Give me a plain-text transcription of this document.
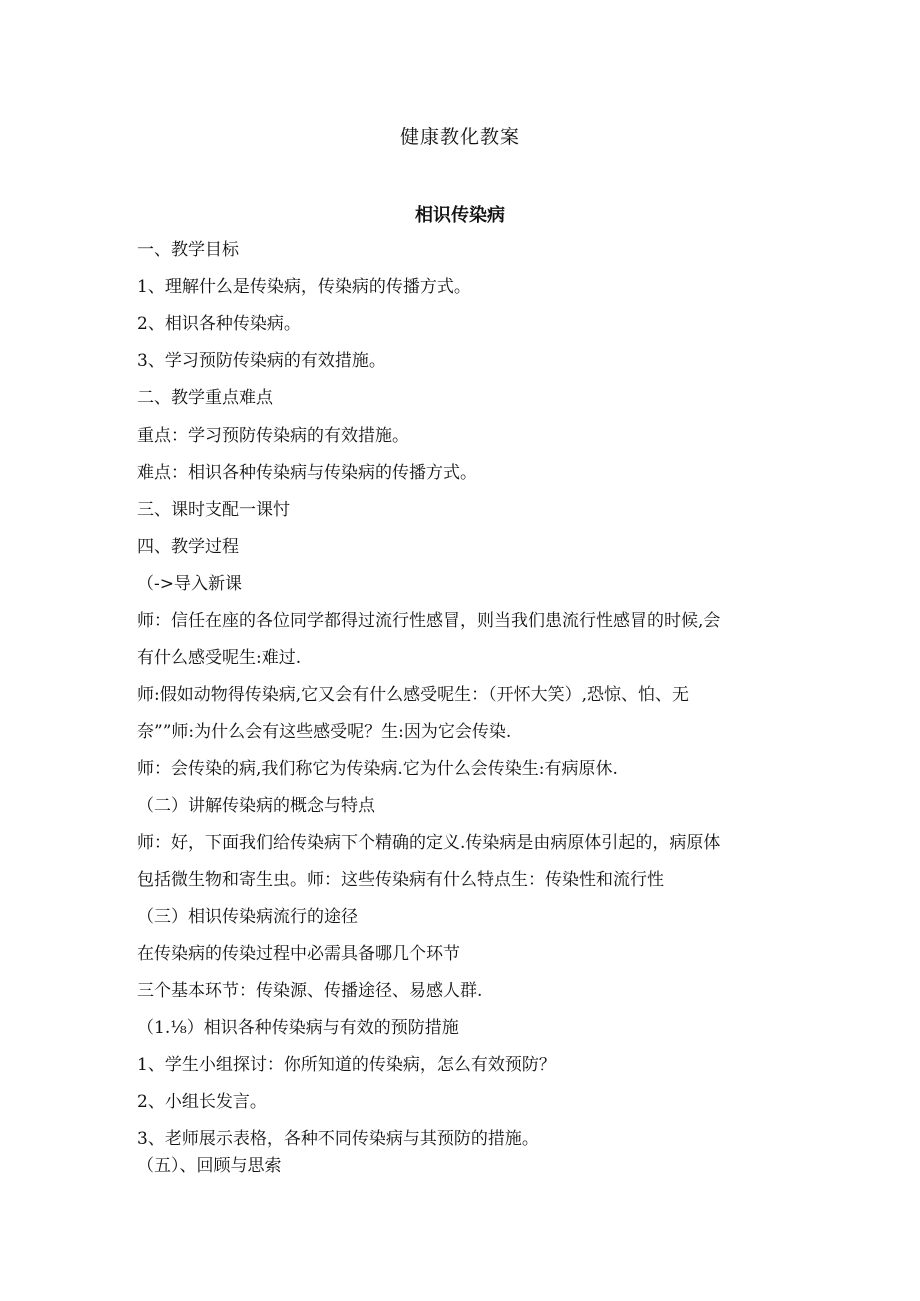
健康教化教案
相识传染病
一、教学目标
1、理解什么是传染病，传染病的传播方式。
2、相识各种传染病。
3、学习预防传染病的有效措施。
二、教学重点难点
重点：学习预防传染病的有效措施。
难点：相识各种传染病与传染病的传播方式。
三、课时支配一课忖
四、教学过程
（->导入新课
师：信任在座的各位同学都得过流行性感冒，则当我们患流行性感冒的时候,会
有什么感受呢生:难过.
师:假如动物得传染病,它又会有什么感受呢生：（开怀大笑）,恐惊、怕、无
奈””师:为什么会有这些感受呢？生:因为它会传染.
师：会传染的病,我们称它为传染病.它为什么会传染生:有病原休.
（二）讲解传染病的概念与特点
师：好，下面我们给传染病下个精确的定义.传染病是由病原体引起的，病原体
包括微生物和寄生虫。师：这些传染病有什么特点生：传染性和流行性
（三）相识传染病流行的途径
在传染病的传染过程中必需具备哪几个环节
三个基本环节：传染源、传播途径、易感人群.
（1.⅛）相识各种传染病与有效的预防措施
1、学生小组探讨：你所知道的传染病，怎么有效预防？
2、小组长发言。
3、老师展示表格，各种不同传染病与其预防的措施。
（五）、回顾与思索
